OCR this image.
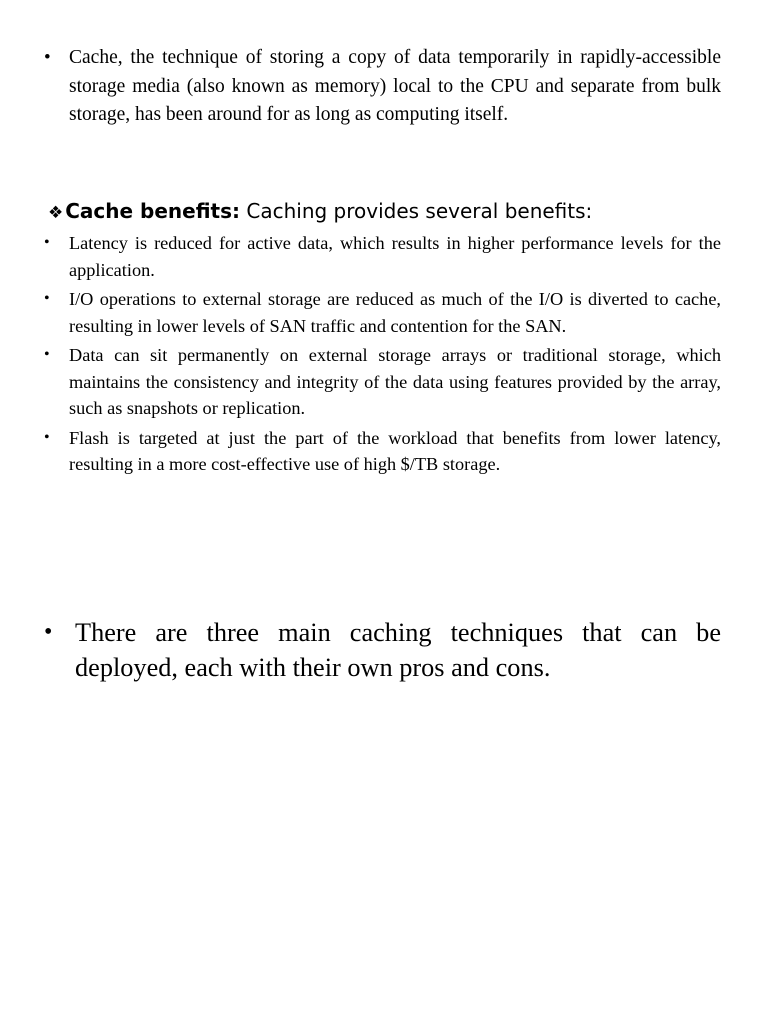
• Cache, the technique of storing a copy of data temporarily in rapidly-accessible storage media (also known as memory) local to the CPU and separate from bulk storage, has been around for as long as computing itself.
❖ Cache benefits: Caching provides several benefits:
•	Latency is reduced for active data, which results in higher performance levels for the application.
•	I/O operations to external storage are reduced as much of the I/O is diverted to cache, resulting in lower levels of SAN traffic and contention for the SAN.
•	Data can sit permanently on external storage arrays or traditional storage, which maintains the consistency and integrity of the data using features provided by the array, such as snapshots or replication.
•	Flash is targeted at just the part of the workload that benefits from lower latency, resulting in a more cost-effective use of high $/TB storage.
• There are three main caching techniques that can be deployed, each with their own pros and cons.
